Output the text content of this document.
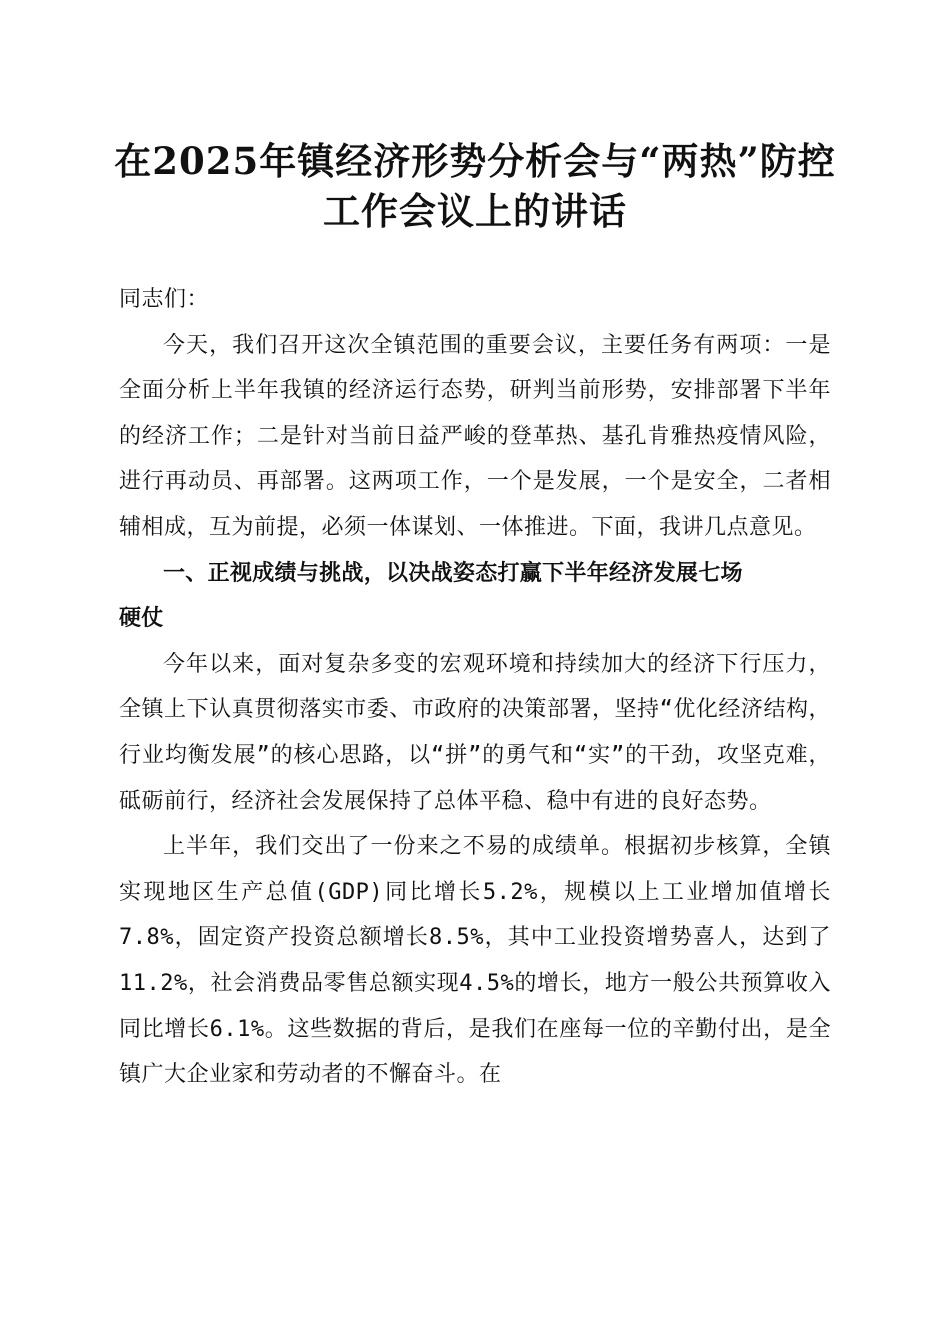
在2025年镇经济形势分析会与“两热”防控
工作会议上的讲话

同志们：

今天，我们召开这次全镇范围的重要会议，主要任务有两项：一是全面分析上半年我镇的经济运行态势，研判当前形势，安排部署下半年的经济工作；二是针对当前日益严峻的登革热、基孔肯雅热疫情风险，进行再动员、再部署。这两项工作，一个是发展，一个是安全，二者相辅相成，互为前提，必须一体谋划、一体推进。下面，我讲几点意见。

一、正视成绩与挑战，以决战姿态打赢下半年经济发展七场
硬仗

今年以来，面对复杂多变的宏观环境和持续加大的经济下行压力，全镇上下认真贯彻落实市委、市政府的决策部署，坚持“优化经济结构，行业均衡发展”的核心思路，以“拼”的勇气和“实”的干劲，攻坚克难，砥砺前行，经济社会发展保持了总体平稳、稳中有进的良好态势。

上半年，我们交出了一份来之不易的成绩单。根据初步核算，全镇实现地区生产总值(GDP)同比增长5.2%，规模以上工业增加值增长7.8%，固定资产投资总额增长8.5%，其中工业投资增势喜人，达到了11.2%，社会消费品零售总额实现4.5%的增长，地方一般公共预算收入同比增长6.1%。这些数据的背后，是我们在座每一位的辛勤付出，是全镇广大企业家和劳动者的不懈奋斗。在
